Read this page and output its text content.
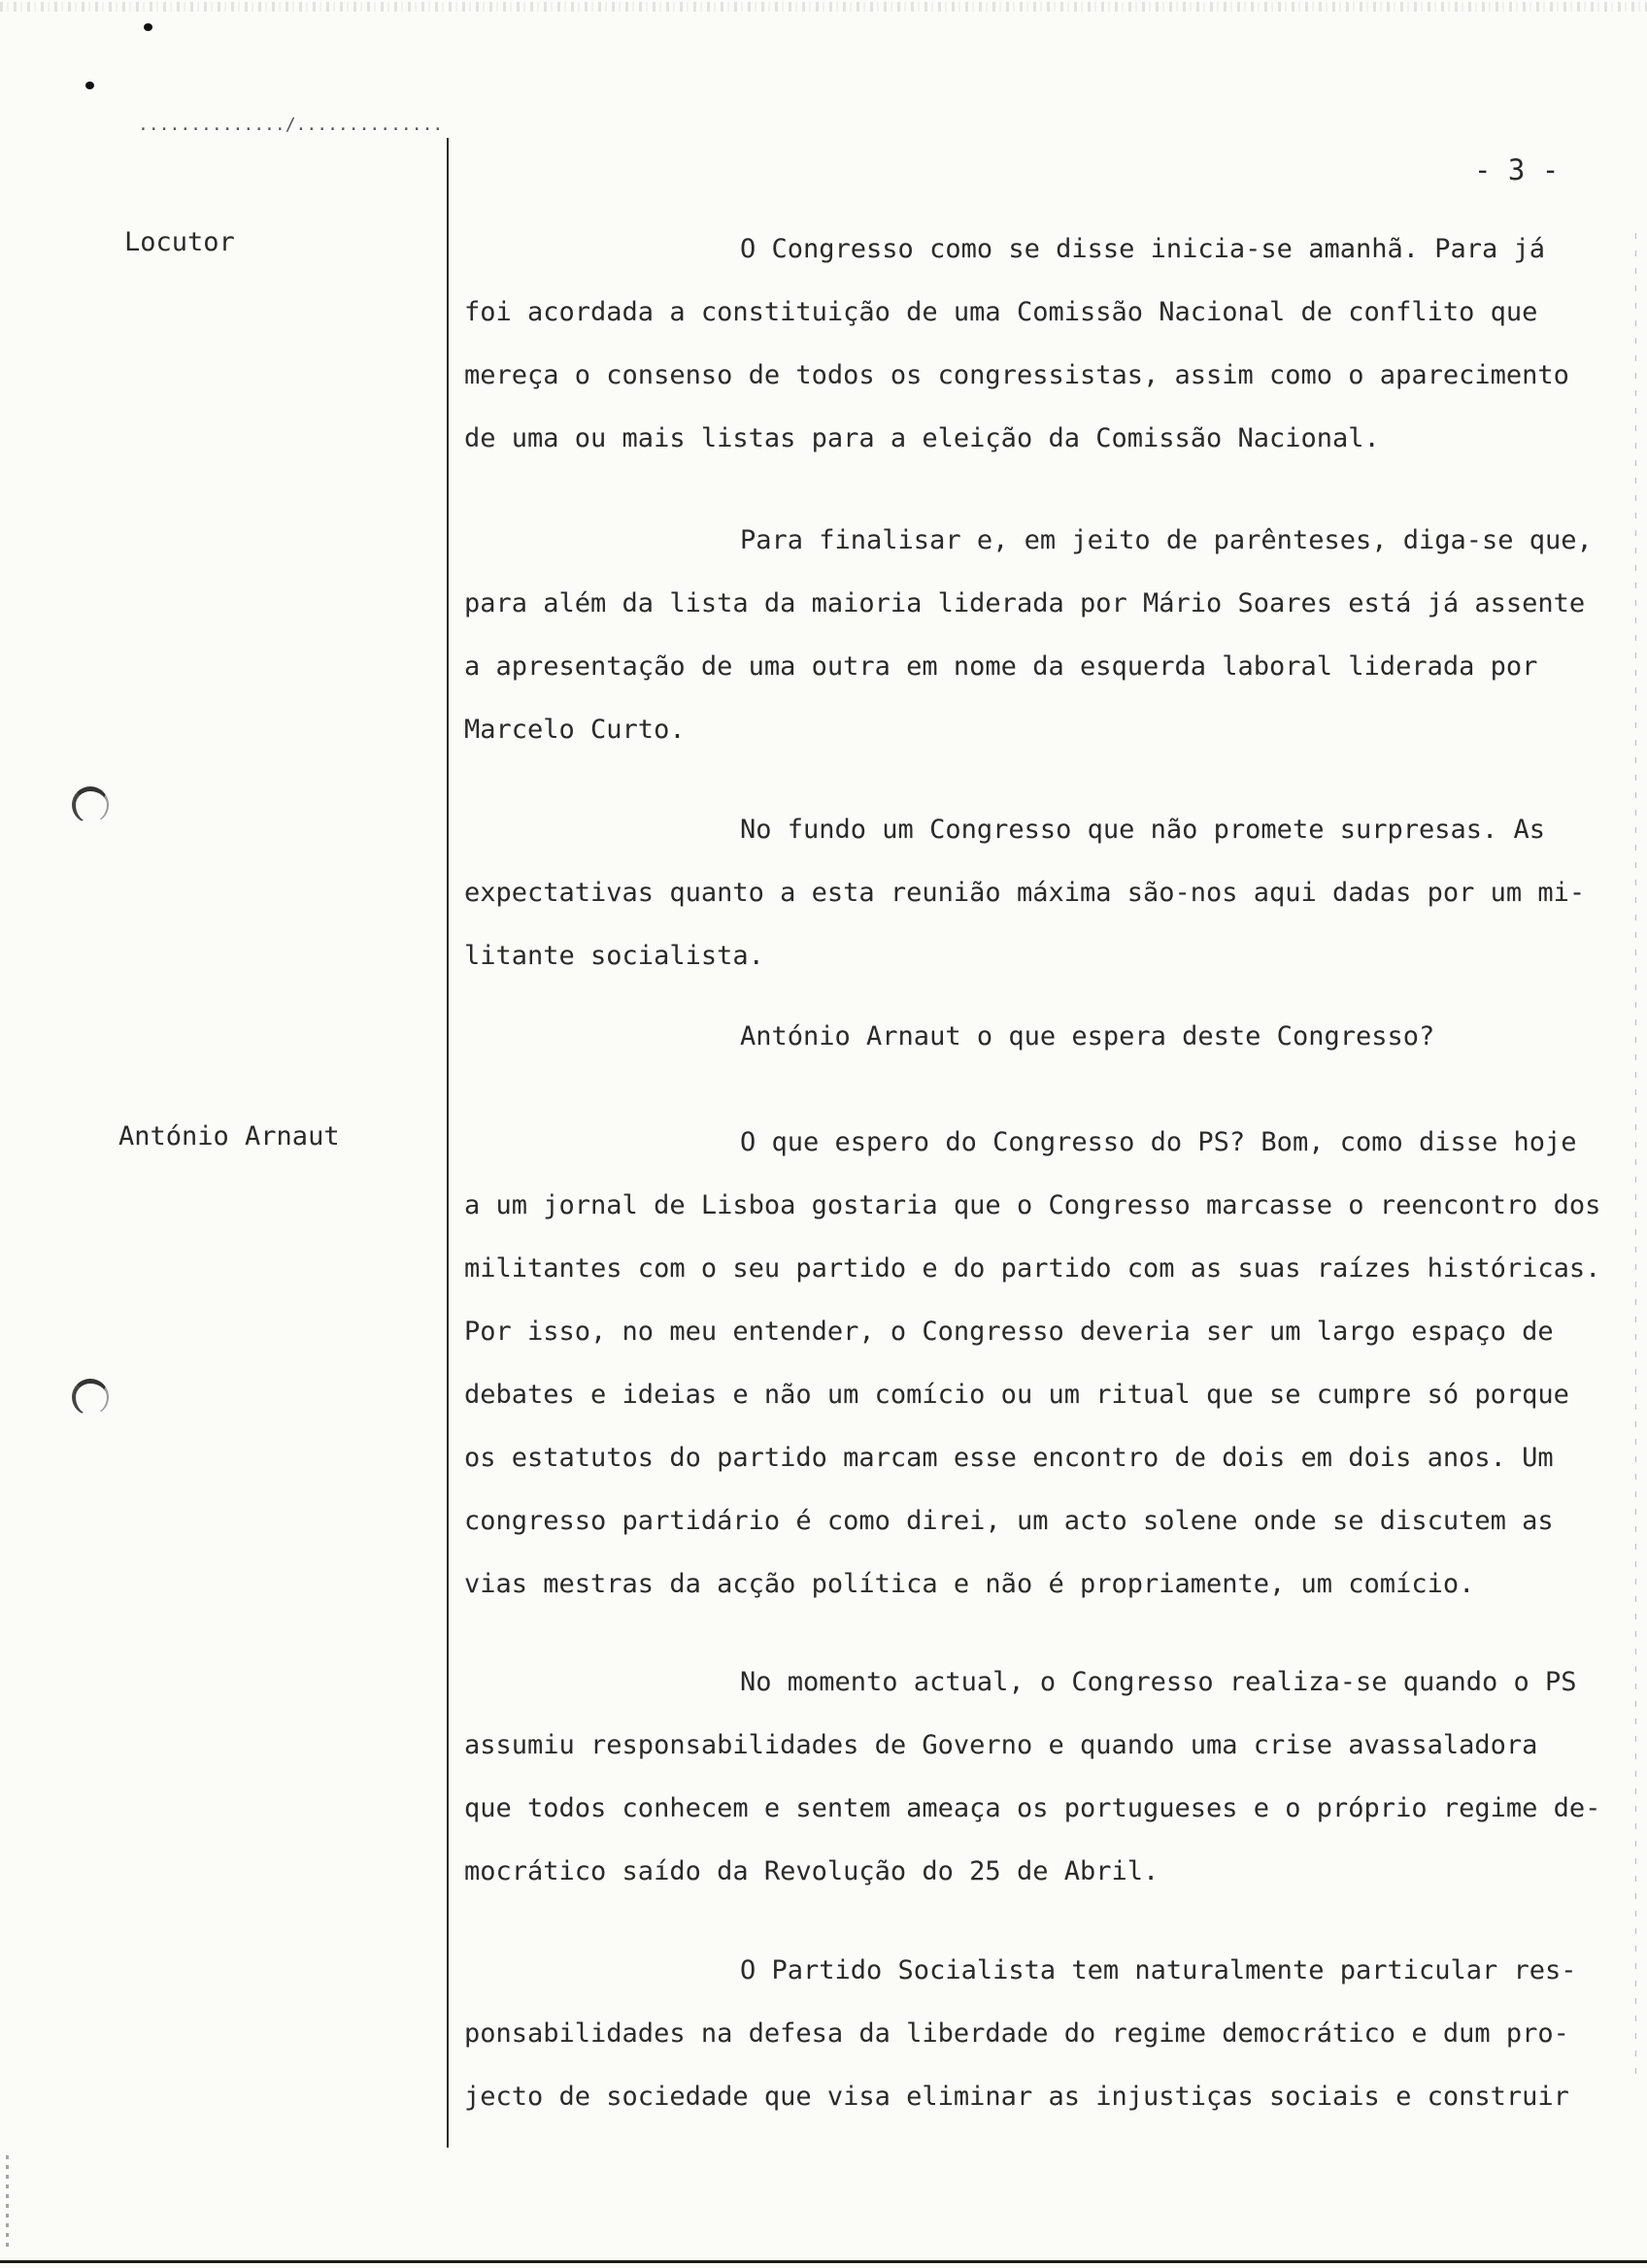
............../..............
- 3 -
Locutor
António Arnaut
O Congresso como se disse inicia-se amanhã. Para já
foi acordada a constituição de uma Comissão Nacional de conflito que
mereça o consenso de todos os congressistas, assim como o aparecimento
de uma ou mais listas para a eleição da Comissão Nacional.
Para finalisar e, em jeito de parênteses, diga-se que,
para além da lista da maioria liderada por Mário Soares está já assente
a apresentação de uma outra em nome da esquerda laboral liderada por
Marcelo Curto.
No fundo um Congresso que não promete surpresas. As
expectativas quanto a esta reunião máxima são-nos aqui dadas por um mi-
litante socialista.
António Arnaut o que espera deste Congresso?
O que espero do Congresso do PS? Bom, como disse hoje
a um jornal de Lisboa gostaria que o Congresso marcasse o reencontro dos
militantes com o seu partido e do partido com as suas raízes históricas.
Por isso, no meu entender, o Congresso deveria ser um largo espaço de
debates e ideias e não um comício ou um ritual que se cumpre só porque
os estatutos do partido marcam esse encontro de dois em dois anos. Um
congresso partidário é como direi, um acto solene onde se discutem as
vias mestras da acção política e não é propriamente, um comício.
No momento actual, o Congresso realiza-se quando o PS
assumiu responsabilidades de Governo e quando uma crise avassaladora
que todos conhecem e sentem ameaça os portugueses e o próprio regime de-
mocrático saído da Revolução do 25 de Abril.
O Partido Socialista tem naturalmente particular res-
ponsabilidades na defesa da liberdade do regime democrático e dum pro-
jecto de sociedade que visa eliminar as injustiças sociais e construir
